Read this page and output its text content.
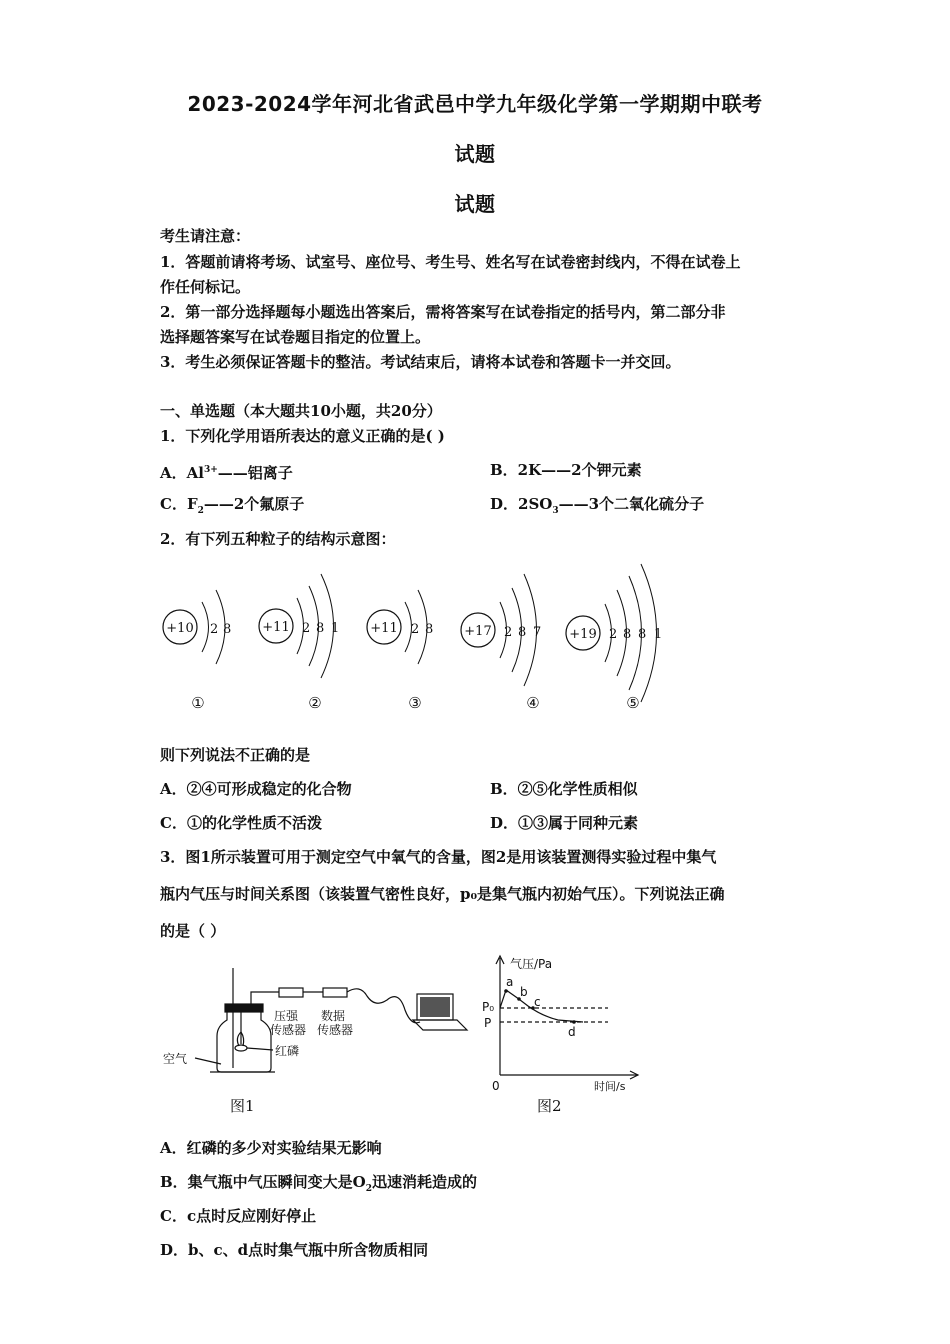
2023-2024学年河北省武邑中学九年级化学第一学期期中联考
试题
试题
考生请注意：
1．答题前请将考场、试室号、座位号、考生号、姓名写在试卷密封线内，不得在试卷上
作任何标记。
2．第一部分选择题每小题选出答案后，需将答案写在试卷指定的括号内，第二部分非
选择题答案写在试卷题目指定的位置上。
3．考生必须保证答题卡的整洁。考试结束后，请将本试卷和答题卡一并交回。
一、单选题（本大题共10小题，共20分）
1．下列化学用语所表达的意义正确的是( )
A．$Al^{3+}——$铝离子	B．2K——2个钾元素
C．$F_2——2$个氟原子	D．$2SO_3——3$个二氧化硫分子
2．有下列五种粒子的结构示意图：
+10 2 8
①
+11 2 8 1
②
+11 2 8
③
+17 2 8 7
④
+19 2 8 8 1
⑤
则下列说法不正确的是
A．②④可形成稳定的化合物	B．②⑤化学性质相似
C．①的化学性质不活泼	D．①③属于同种元素
3．图1所示装置可用于测定空气中氧气的含量，图2是用该装置测得实验过程中集气
瓶内气压与时间关系图（该装置气密性良好，p₀是集气瓶内初始气压）。下列说法正确
的是（ ）
空气
红磷
压强
传感器
数据
传感器
图1
气压/Pa
时间/s
0
P₀
P
a
b
c
d
图2
A．红磷的多少对实验结果无影响
B．集气瓶中气压瞬间变大是$O_2$迅速消耗造成的
C．c点时反应刚好停止
D．b、c、d点时集气瓶中所含物质相同
